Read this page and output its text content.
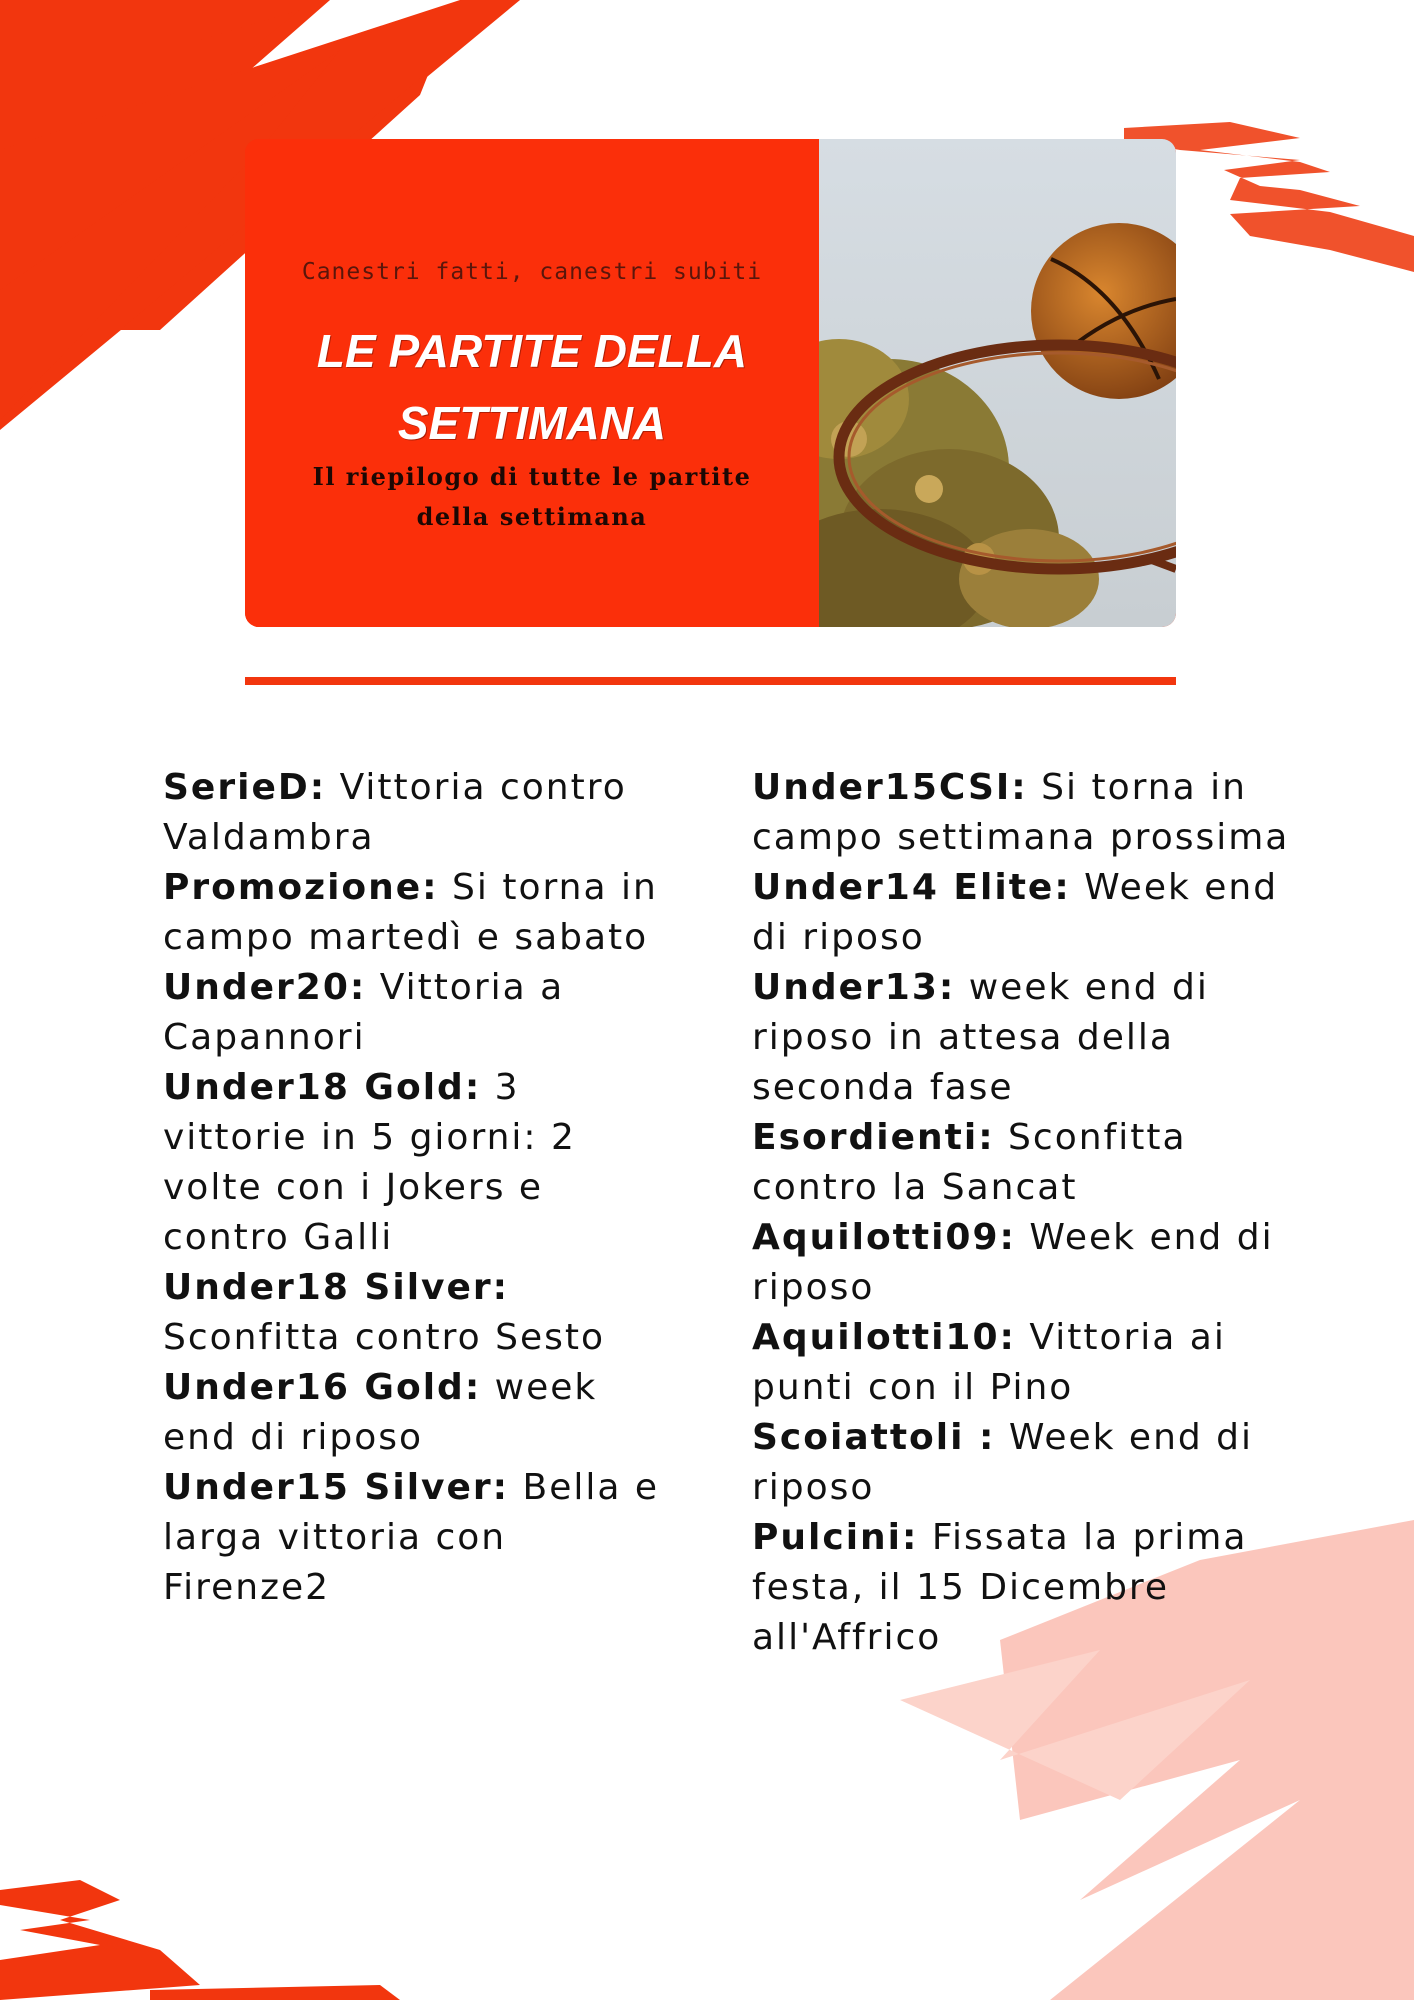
Canestri fatti, canestri subiti
LE PARTITE DELLA
SETTIMANA
Il riepilogo di tutte le partite
della settimana
SerieD: Vittoria contro Valdambra
Promozione: Si torna in campo martedì e sabato
Under20: Vittoria a Capannori
Under18 Gold: 3 vittorie in 5 giorni: 2 volte con i Jokers e contro Galli
Under18 Silver: Sconfitta contro Sesto
Under16 Gold: week end di riposo
Under15 Silver: Bella e larga vittoria con Firenze2
Under15CSI: Si torna in campo settimana prossima
Under14 Elite: Week end di riposo
Under13: week end di riposo in attesa della seconda fase
Esordienti: Sconfitta contro la Sancat
Aquilotti09: Week end di riposo
Aquilotti10: Vittoria ai punti con il Pino
Scoiattoli : Week end di riposo
Pulcini: Fissata la prima festa, il 15 Dicembre all'Affrico
